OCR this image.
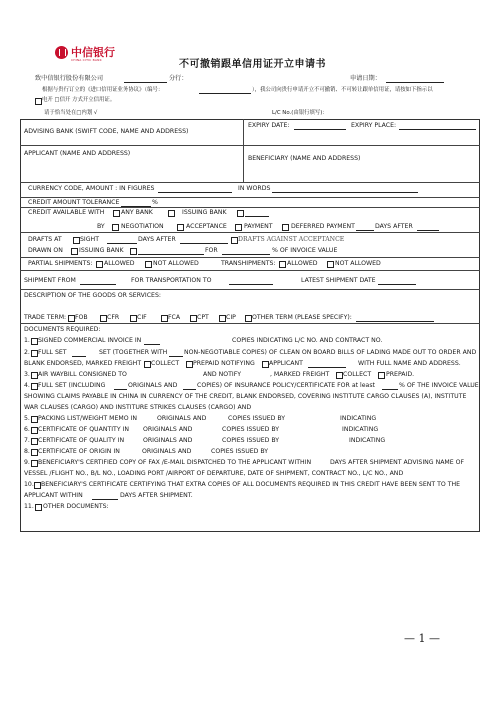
中信银行
CHINA CITIC BANK	不可撤销跟单信用证开立申请书
致中信银行股份有限公司	分行：	申请日期：
根据与贵行订立的《进口信用证业务协议》（编号：	），我公司向贵行申请开立不可撤销、不可转让跟单信用证，请按如下指示以
电开 □信开 方式开立信用证。
请于恰当处在□内划 √	L/C No.(由银行填写)：
ADVISING BANK (SWIFT CODE, NAME AND ADDRESS)
EXPIRY DATE:	EXPIRY PLACE:
APPLICANT (NAME AND ADDRESS)
BENEFICIARY (NAME AND ADDRESS)
CURRENCY CODE, AMOUNT : IN FIGURES	IN WORDS
CREDIT AMOUNT TOLERANCE	%
CREDIT AVAILABLE WITH	ANY BANK	ISSUING BANK
BY	NEGOTIATION	ACCEPTANCE	PAYMENT	DEFERRED PAYMENT	DAYS AFTER
DRAFTS AT	SIGHT	DAYS AFTER	DRAFTS AGAINST ACCEPTANCE
DRAWN ON	ISSUING BANK	FOR	% OF INVOICE VALUE
PARTIAL SHIPMENTS: ALLOWED	NOT ALLOWED	TRANSHIPMENTS: ALLOWED	NOT ALLOWED
SHIPMENT FROM	FOR TRANSPORTATION TO	LATEST SHIPMENT DATE
DESCRIPTION OF THE GOODS OR SERVICES:
TRADE TERM: FOB	CFR	CIF	FCA	CPT	CIP	OTHER TERM (PLEASE SPECIFY):
DOCUMENTS REQUIRED:
1. SIGNED COMMERCIAL INVOICE IN	COPIES INDICATING L/C NO. AND CONTRACT NO.
2. FULL SET	SET (TOGETHER WITH	NON-NEGOTIABLE COPIES) OF CLEAN ON BOARD BILLS OF LADING MADE OUT TO ORDER AND
BLANK ENDORSED, MARKED FREIGHT COLLECT PREPAID NOTIFYING APPLICANT	WITH FULL NAME AND ADDRESS.
3. AIR WAYBILL CONSIGNED TO	AND NOTIFY	, MARKED FREIGHT COLLECT PREPAID.
4. FULL SET (INCLUDING	ORIGINALS AND	COPIES) OF INSURANCE POLICY/CERTIFICATE FOR at least	% OF THE INVOICE VALUE
SHOWING CLAIMS PAYABLE IN CHINA IN CURRENCY OF THE CREDIT, BLANK ENDORSED, COVERING INSTITUTE CARGO CLAUSES (A), INSTITUTE
WAR CLAUSES (CARGO) AND INSTITURE STRIKES CLAUSES (CARGO) AND
5. PACKING LIST/WEIGHT MEMO IN	ORIGINALS AND	COPIES ISSUED BY	INDICATING
6. CERTIFICATE OF QUANTITY IN ORIGINALS AND	COPIES ISSUED BY	INDICATING
7. CERTIFICATE OF QUALITY IN	ORIGINALS AND	COPIES ISSUED BY	INDICATING
8. CERTIFICATE OF ORIGIN IN	ORIGINALS AND	COPIES ISSUED BY
9. BENEFICIARY'S CERTIFIED COPY OF FAX /E-MAIL DISPATCHED TO THE APPLICANT WITHIN	DAYS AFTER SHIPMENT ADVISING NAME OF
VESSEL /FLIGHT NO., B/L NO., LOADING PORT /AIRPORT OF DEPARTURE, DATE OF SHIPMENT, CONTRACT NO., L/C NO., AND
10. BENEFICIARY'S CERTIFICATE CERTIFYING THAT EXTRA COPIES OF ALL DOCUMENTS REQUIRED IN THIS CREDIT HAVE BEEN SENT TO THE
APPLICANT WITHIN	DAYS AFTER SHIPMENT.
11. OTHER DOCUMENTS:
— 1 —
